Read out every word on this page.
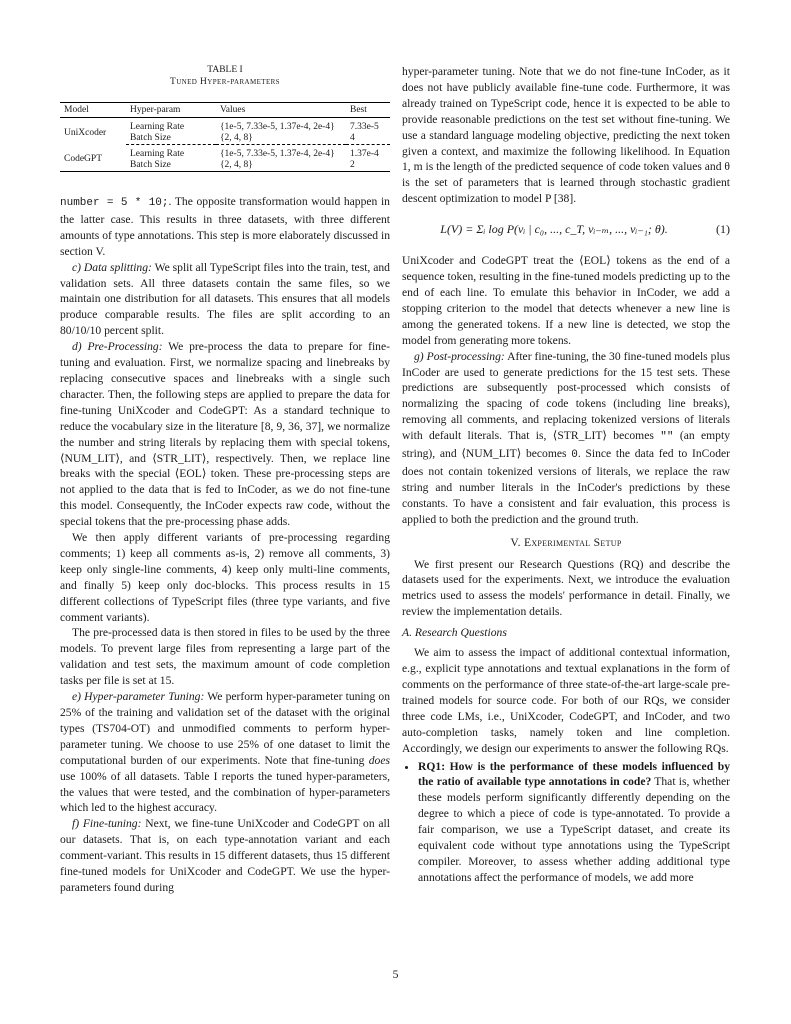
TABLE I
Tuned Hyper-parameters
Model	Hyper-param	Values	Best
UniXcoder	Learning Rate	{1e-5, 7.33e-5, 1.37e-4, 2e-4}	7.33e-5
	Batch Size	{2, 4, 8}	4
CodeGPT	Learning Rate	{1e-5, 7.33e-5, 1.37e-4, 2e-4}	1.37e-4
	Batch Size	{2, 4, 8}	2

number = 5 * 10;. The opposite transformation would happen in the latter case. This results in three datasets, with three different amounts of type annotations. This step is more elaborately discussed in section V.

c) Data splitting: We split all TypeScript files into the train, test, and validation sets. All three datasets contain the same files, so we maintain one distribution for all datasets. This ensures that all models produce comparable results. The files are split according to an 80/10/10 percent split.

d) Pre-Processing: We pre-process the data to prepare for fine-tuning and evaluation. First, we normalize spacing and linebreaks by replacing consecutive spaces and linebreaks with a single such character. Then, the following steps are applied to prepare the data for fine-tuning UniXcoder and CodeGPT: As a standard technique to reduce the vocabulary size in the literature [8, 9, 36, 37], we normalize the number and string literals by replacing them with special tokens, ⟨NUM_LIT⟩, and ⟨STR_LIT⟩, respectively. Then, we replace line breaks with the special ⟨EOL⟩ token. These pre-processing steps are not applied to the data that is fed to InCoder, as we do not fine-tune this model. Consequently, the InCoder expects raw code, without the special tokens that the pre-processing phase adds.

We then apply different variants of pre-processing regarding comments; 1) keep all comments as-is, 2) remove all comments, 3) keep only single-line comments, 4) keep only multi-line comments, and finally 5) keep only doc-blocks. This process results in 15 different collections of TypeScript files (three type variants, and five comment variants).

The pre-processed data is then stored in files to be used by the three models. To prevent large files from representing a large part of the validation and test sets, the maximum amount of code completion tasks per file is set at 15.

e) Hyper-parameter Tuning: We perform hyper-parameter tuning on 25% of the training and validation set of the dataset with the original types (TS704-OT) and unmodified comments to perform hyper-parameter tuning. We choose to use 25% of one dataset to limit the computational burden of our experiments. Note that fine-tuning does use 100% of all datasets. Table I reports the tuned hyper-parameters, the values that were tested, and the combination of hyper-parameters which led to the highest accuracy.

f) Fine-tuning: Next, we fine-tune UniXcoder and CodeGPT on all our datasets. That is, on each type-annotation variant and each comment-variant. This results in 15 different datasets, thus 15 different fine-tuned models for UniXcoder and CodeGPT. We use the hyper-parameters found during

hyper-parameter tuning. Note that we do not fine-tune InCoder, as it does not have publicly available fine-tune code. Furthermore, it was already trained on TypeScript code, hence it is expected to be able to provide reasonable predictions on the test set without fine-tuning. We use a standard language modeling objective, predicting the next token given a context, and maximize the following likelihood. In Equation 1, m is the length of the predicted sequence of code token values and θ is the set of parameters that is learned through stochastic gradient descent optimization to model P [38].

L(V) = Σᵢ log P(vᵢ | c₀, ..., c_T, vᵢ₋ₘ, ..., vᵢ₋₁; θ).	(1)

UniXcoder and CodeGPT treat the ⟨EOL⟩ tokens as the end of a sequence token, resulting in the fine-tuned models predicting up to the end of each line. To emulate this behavior in InCoder, we add a stopping criterion to the model that detects whenever a new line is among the generated tokens. If a new line is detected, we stop the model from generating more tokens.

g) Post-processing: After fine-tuning, the 30 fine-tuned models plus InCoder are used to generate predictions for the 15 test sets. These predictions are subsequently post-processed which consists of normalizing the spacing of code tokens (including line breaks), removing all comments, and replacing tokenized versions of literals with default literals. That is, ⟨STR_LIT⟩ becomes "" (an empty string), and ⟨NUM_LIT⟩ becomes 0. Since the data fed to InCoder does not contain tokenized versions of literals, we replace the raw string and number literals in the InCoder's predictions by these constants. To have a consistent and fair evaluation, this process is applied to both the prediction and the ground truth.

V. Experimental Setup

We first present our Research Questions (RQ) and describe the datasets used for the experiments. Next, we introduce the evaluation metrics used to assess the models' performance in detail. Finally, we review the implementation details.

A. Research Questions

We aim to assess the impact of additional contextual information, e.g., explicit type annotations and textual explanations in the form of comments on the performance of three state-of-the-art large-scale pre-trained models for source code. For both of our RQs, we consider three code LMs, i.e., UniXcoder, CodeGPT, and InCoder, and two auto-completion tasks, namely token and line completion. Accordingly, we design our experiments to answer the following RQs.

• RQ1: How is the performance of these models influenced by the ratio of available type annotations in code? That is, whether these models perform significantly differently depending on the degree to which a piece of code is type-annotated. To provide a fair comparison, we use a TypeScript dataset, and create its equivalent code without type annotations using the TypeScript compiler. Moreover, to assess whether adding additional type annotations affect the performance of models, we add more
5
